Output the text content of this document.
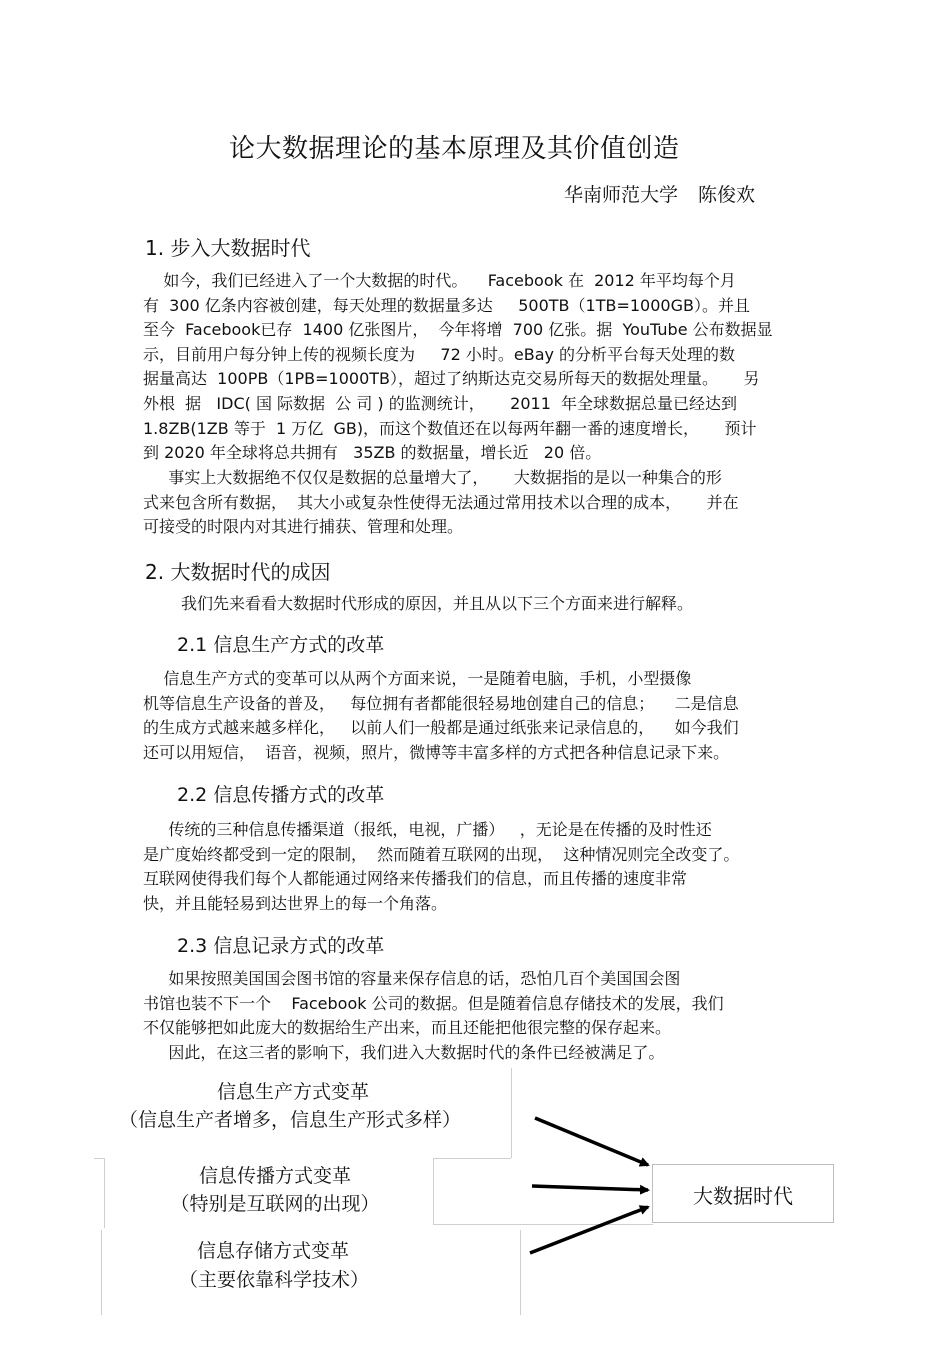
论大数据理论的基本原理及其价值创造
华南师范大学 陈俊欢
1. 步入大数据时代
如今，我们已经进入了一个大数据的时代。    Facebook 在  2012 年平均每个月
有  300 亿条内容被创建，每天处理的数据量多达     500TB（1TB=1000GB）。并且
至今  Facebook已存  1400 亿张图片，  今年将增  700 亿张。据  YouTube 公布数据显
示，目前用户每分钟上传的视频长度为     72 小时。eBay 的分析平台每天处理的数
据量高达  100PB（1PB=1000TB），超过了纳斯达克交易所每天的数据处理量。     另
外根  据   IDC( 国 际数据  公 司 ) 的监测统计，     2011  年全球数据总量已经达到
1.8ZB(1ZB 等于  1 万亿  GB)，而这个数值还在以每两年翻一番的速度增长，     预计
到 2020 年全球将总共拥有   35ZB 的数据量，增长近   20 倍。
事实上大数据绝不仅仅是数据的总量增大了，     大数据指的是以一种集合的形
式来包含所有数据，  其大小或复杂性使得无法通过常用技术以合理的成本，     并在
可接受的时限内对其进行捕获、管理和处理。
2. 大数据时代的成因
我们先来看看大数据时代形成的原因，并且从以下三个方面来进行解释。
2.1 信息生产方式的改革
信息生产方式的变革可以从两个方面来说，一是随着电脑，手机，小型摄像
机等信息生产设备的普及，   每位拥有者都能很轻易地创建自己的信息；    二是信息
的生成方式越来越多样化，   以前人们一般都是通过纸张来记录信息的，    如今我们
还可以用短信，  语音，视频，照片，微博等丰富多样的方式把各种信息记录下来。
2.2 信息传播方式的改革
传统的三种信息传播渠道（报纸，电视，广播）   ，无论是在传播的及时性还
是广度始终都受到一定的限制，  然而随着互联网的出现，  这种情况则完全改变了。
互联网使得我们每个人都能通过网络来传播我们的信息，而且传播的速度非常
快，并且能轻易到达世界上的每一个角落。
2.3 信息记录方式的改革
如果按照美国国会图书馆的容量来保存信息的话，恐怕几百个美国国会图
书馆也装不下一个    Facebook 公司的数据。但是随着信息存储技术的发展，我们
不仅能够把如此庞大的数据给生产出来，而且还能把他很完整的保存起来。
因此，在这三者的影响下，我们进入大数据时代的条件已经被满足了。
信息生产方式变革
（信息生产者增多，信息生产形式多样）
信息传播方式变革
（特别是互联网的出现）
信息存储方式变革
（主要依靠科学技术）
大数据时代
